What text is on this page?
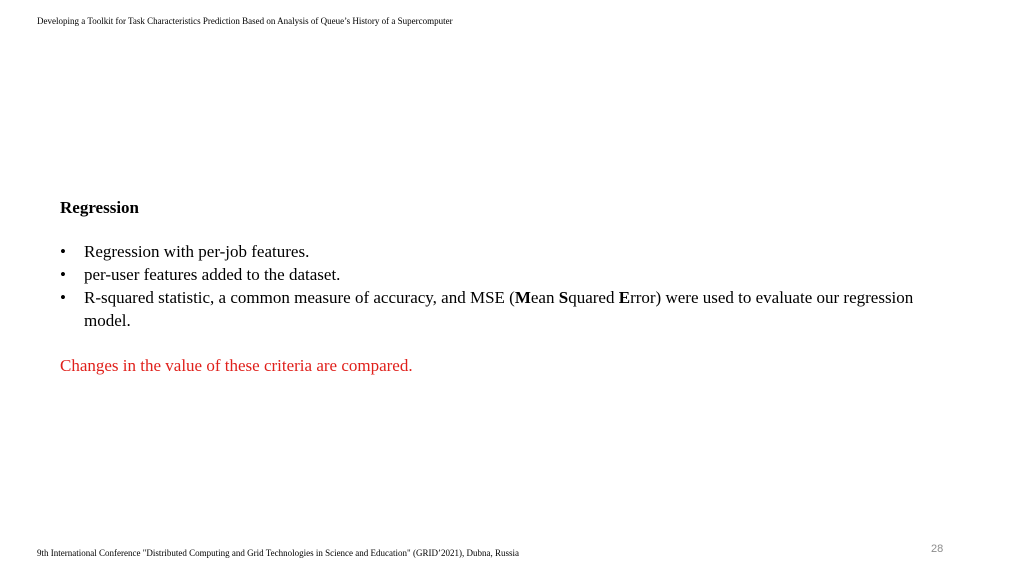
Developing a Toolkit for Task Characteristics Prediction Based on Analysis of Queue’s History of a Supercomputer
Regression
• Regression with per-job features.
• per-user features added to the dataset.
• R-squared statistic, a common measure of accuracy, and MSE (Mean Squared Error) were used to evaluate our regression model.
Changes in the value of these criteria are compared.
9th International Conference "Distributed Computing and Grid Technologies in Science and Education" (GRID’2021), Dubna, Russia	28
